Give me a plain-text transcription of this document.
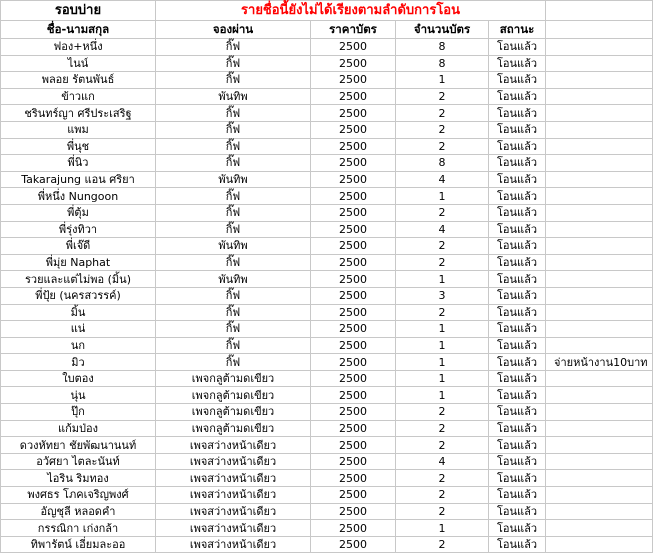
รอบบ่าย	รายชื่อนี้ยังไม่ได้เรียงตามลำดับการโอน				
ชื่อ-นามสกุล	จองผ่าน	ราคาบัตร	จำนวนบัตร	สถานะ	
ฟอง+หนึ่ง	กิ๊ฟ	2500	8	โอนแล้ว	
ไนน์	กิ๊ฟ	2500	8	โอนแล้ว	
พลอย รัตนพันธ์	กิ๊ฟ	2500	1	โอนแล้ว	
ข้าวแก	พันทิพ	2500	2	โอนแล้ว	
ชรินทร์ญา ศรีประเสริฐ	กิ๊ฟ	2500	2	โอนแล้ว	
แพม	กิ๊ฟ	2500	2	โอนแล้ว	
พี่นุช	กิ๊ฟ	2500	2	โอนแล้ว	
พี่นิว	กิ๊ฟ	2500	8	โอนแล้ว	
Takarajung แอน ศริยา	พันทิพ	2500	4	โอนแล้ว	
พี่หนึ่ง Nungoon	กิ๊ฟ	2500	1	โอนแล้ว	
พี่ตุ้ม	กิ๊ฟ	2500	2	โอนแล้ว	
พี่รุ่งทิวา	กิ๊ฟ	2500	4	โอนแล้ว	
พี่เจ๊ดี	พันทิพ	2500	2	โอนแล้ว	
พี่มุ่ย Naphat	กิ๊ฟ	2500	2	โอนแล้ว	
รวยและแต่ไม่พอ (มิ้น)	พันทิพ	2500	1	โอนแล้ว	
พี่ปุ้ย (นครสวรรค์)	กิ๊ฟ	2500	3	โอนแล้ว	
มิ้น	กิ๊ฟ	2500	2	โอนแล้ว	
แน่	กิ๊ฟ	2500	1	โอนแล้ว	
นก	กิ๊ฟ	2500	1	โอนแล้ว	
มิว	กิ๊ฟ	2500	1	โอนแล้ว	จ่ายหน้างาน10บาท
ใบตอง	เพจกลูต้ามดเขียว	2500	1	โอนแล้ว	
นุ่น	เพจกลูต้ามดเขียว	2500	1	โอนแล้ว	
ปุ๊ก	เพจกลูต้ามดเขียว	2500	2	โอนแล้ว	
แก้มป่อง	เพจกลูต้ามดเขียว	2500	2	โอนแล้ว	
ดวงหัทยา ชัยพัฒนานนท์	เพจสว่างหน้าเดียว	2500	2	โอนแล้ว	
อวัศยา ไตละนันท์	เพจสว่างหน้าเดียว	2500	4	โอนแล้ว	
ไอริน ริมทอง	เพจสว่างหน้าเดียว	2500	2	โอนแล้ว	
พงศธร โภคเจริญพงศ์	เพจสว่างหน้าเดียว	2500	2	โอนแล้ว	
อัญชุลี หลอดคำ	เพจสว่างหน้าเดียว	2500	2	โอนแล้ว	
กรรณิกา เก่งกล้า	เพจสว่างหน้าเดียว	2500	1	โอนแล้ว	
ทิพารัตน์ เอี่ยมละออ	เพจสว่างหน้าเดียว	2500	2	โอนแล้ว	
